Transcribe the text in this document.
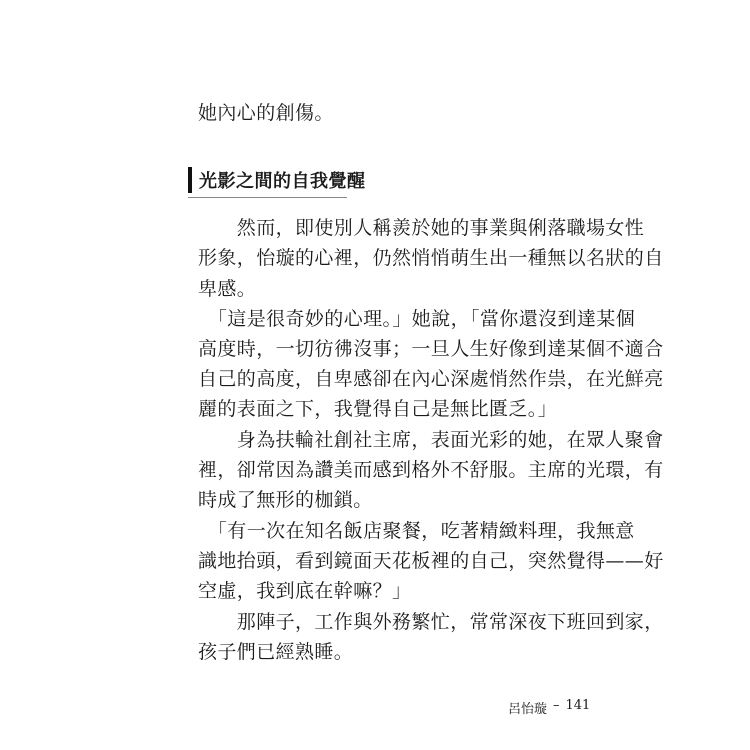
她內心的創傷。
光影之間的自我覺醒
　　然而，即使別人稱羨於她的事業與俐落職場女性
形象，怡璇的心裡，仍然悄悄萌生出一種無以名狀的自
卑感。
　「這是很奇妙的心理。」她說，「當你還沒到達某個
高度時，一切彷彿沒事；一旦人生好像到達某個不適合
自己的高度，自卑感卻在內心深處悄然作祟，在光鮮亮
麗的表面之下，我覺得自己是無比匱乏。」
　　身為扶輪社創社主席，表面光彩的她，在眾人聚會
裡，卻常因為讚美而感到格外不舒服。主席的光環，有
時成了無形的枷鎖。
　「有一次在知名飯店聚餐，吃著精緻料理，我無意
識地抬頭，看到鏡面天花板裡的自己，突然覺得——好
空虛，我到底在幹嘛？」
　　那陣子，工作與外務繁忙，常常深夜下班回到家，
孩子們已經熟睡。
呂怡璇 – 141
